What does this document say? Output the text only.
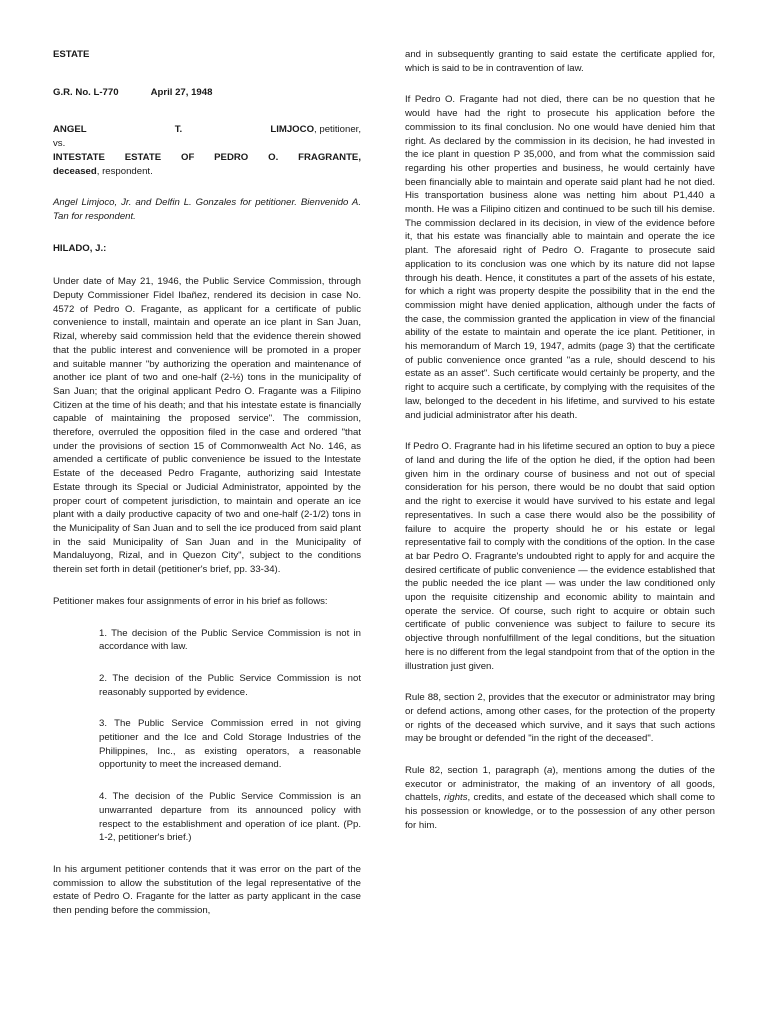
ESTATE
G.R. No. L-770	April 27, 1948
ANGEL	T.	LIMJOCO, petitioner,
vs.
INTESTATE ESTATE OF PEDRO O. FRAGRANTE,
deceased, respondent.
Angel Limjoco, Jr. and Delfin L. Gonzales for petitioner. Bienvenido A. Tan for respondent.
HILADO, J.:
Under date of May 21, 1946, the Public Service Commission, through Deputy Commissioner Fidel Ibañez, rendered its decision in case No. 4572 of Pedro O. Fragante, as applicant for a certificate of public convenience to install, maintain and operate an ice plant in San Juan, Rizal, whereby said commission held that the evidence therein showed that the public interest and convenience will be promoted in a proper and suitable manner "by authorizing the operation and maintenance of another ice plant of two and one-half (2-½) tons in the municipality of San Juan; that the original applicant Pedro O. Fragante was a Filipino Citizen at the time of his death; and that his intestate estate is financially capable of maintaining the proposed service". The commission, therefore, overruled the opposition filed in the case and ordered "that under the provisions of section 15 of Commonwealth Act No. 146, as amended a certificate of public convenience be issued to the Intestate Estate of the deceased Pedro Fragante, authorizing said Intestate Estate through its Special or Judicial Administrator, appointed by the proper court of competent jurisdiction, to maintain and operate an ice plant with a daily productive capacity of two and one-half (2-1/2) tons in the Municipality of San Juan and to sell the ice produced from said plant in the said Municipality of San Juan and in the Municipality of Mandaluyong, Rizal, and in Quezon City", subject to the conditions therein set forth in detail (petitioner's brief, pp. 33-34).
Petitioner makes four assignments of error in his brief as follows:
1. The decision of the Public Service Commission is not in accordance with law.
2. The decision of the Public Service Commission is not reasonably supported by evidence.
3. The Public Service Commission erred in not giving petitioner and the Ice and Cold Storage Industries of the Philippines, Inc., as existing operators, a reasonable opportunity to meet the increased demand.
4. The decision of the Public Service Commission is an unwarranted departure from its announced policy with respect to the establishment and operation of ice plant. (Pp. 1-2, petitioner's brief.)
In his argument petitioner contends that it was error on the part of the commission to allow the substitution of the legal representative of the estate of Pedro O. Fragante for the latter as party applicant in the case then pending before the commission,
and in subsequently granting to said estate the certificate applied for, which is said to be in contravention of law.
If Pedro O. Fragante had not died, there can be no question that he would have had the right to prosecute his application before the commission to its final conclusion. No one would have denied him that right. As declared by the commission in its decision, he had invested in the ice plant in question P 35,000, and from what the commission said regarding his other properties and business, he would certainly have been financially able to maintain and operate said plant had he not died. His transportation business alone was netting him about P1,440 a month. He was a Filipino citizen and continued to be such till his demise. The commission declared in its decision, in view of the evidence before it, that his estate was financially able to maintain and operate the ice plant. The aforesaid right of Pedro O. Fragante to prosecute said application to its conclusion was one which by its nature did not lapse through his death. Hence, it constitutes a part of the assets of his estate, for which a right was property despite the possibility that in the end the commission might have denied application, although under the facts of the case, the commission granted the application in view of the financial ability of the estate to maintain and operate the ice plant. Petitioner, in his memorandum of March 19, 1947, admits (page 3) that the certificate of public convenience once granted "as a rule, should descend to his estate as an asset". Such certificate would certainly be property, and the right to acquire such a certificate, by complying with the requisites of the law, belonged to the decedent in his lifetime, and survived to his estate and judicial administrator after his death.
If Pedro O. Fragrante had in his lifetime secured an option to buy a piece of land and during the life of the option he died, if the option had been given him in the ordinary course of business and not out of special consideration for his person, there would be no doubt that said option and the right to exercise it would have survived to his estate and legal representatives. In such a case there would also be the possibility of failure to acquire the property should he or his estate or legal representative fail to comply with the conditions of the option. In the case at bar Pedro O. Fragrante's undoubted right to apply for and acquire the desired certificate of public convenience — the evidence established that the public needed the ice plant — was under the law conditioned only upon the requisite citizenship and economic ability to maintain and operate the service. Of course, such right to acquire or obtain such certificate of public convenience was subject to failure to secure its objective through nonfulfillment of the legal conditions, but the situation here is no different from the legal standpoint from that of the option in the illustration just given.
Rule 88, section 2, provides that the executor or administrator may bring or defend actions, among other cases, for the protection of the property or rights of the deceased which survive, and it says that such actions may be brought or defended "in the right of the deceased".
Rule 82, section 1, paragraph (a), mentions among the duties of the executor or administrator, the making of an inventory of all goods, chattels, rights, credits, and estate of the deceased which shall come to his possession or knowledge, or to the possession of any other person for him.
